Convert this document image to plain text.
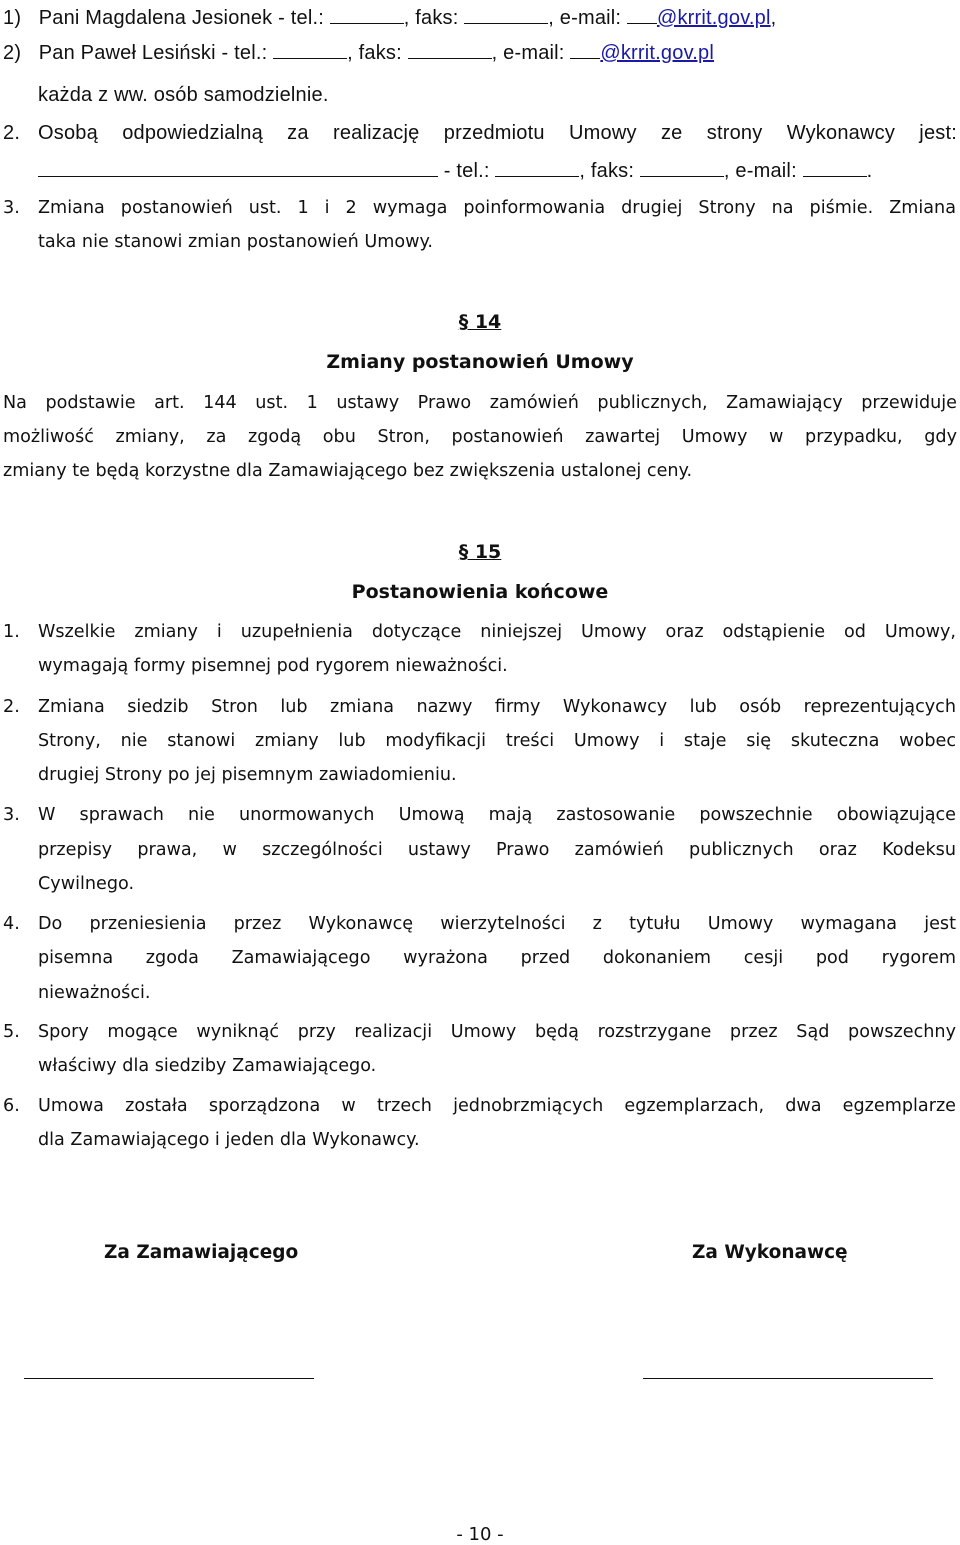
1) Pani Magdalena Jesionek - tel.:	, faks:	, e-mail: @krrit.gov.pl,
2) Pan Paweł Lesiński - tel.:	, faks:	, e-mail: @krrit.gov.pl
każda z ww. osób samodzielnie.
2. Osobą odpowiedzialną za realizację przedmiotu Umowy ze strony Wykonawcy jest:
- tel.:	, faks:	, e-mail:	.
3. Zmiana postanowień ust. 1 i 2 wymaga poinformowania drugiej Strony na piśmie. Zmiana
taka nie stanowi zmian postanowień Umowy.
§ 14
Zmiany postanowień Umowy
Na podstawie art. 144 ust. 1 ustawy Prawo zamówień publicznych, Zamawiający przewiduje
możliwość zmiany, za zgodą obu Stron, postanowień zawartej Umowy w przypadku, gdy
zmiany te będą korzystne dla Zamawiającego bez zwiększenia ustalonej ceny.
§ 15
Postanowienia końcowe
1. Wszelkie zmiany i uzupełnienia dotyczące niniejszej Umowy oraz odstąpienie od Umowy,
wymagają formy pisemnej pod rygorem nieważności.
2. Zmiana siedzib Stron lub zmiana nazwy firmy Wykonawcy lub osób reprezentujących
Strony, nie stanowi zmiany lub modyfikacji treści Umowy i staje się skuteczna wobec
drugiej Strony po jej pisemnym zawiadomieniu.
3. W sprawach nie unormowanych Umową mają zastosowanie powszechnie obowiązujące
przepisy prawa, w szczególności ustawy Prawo zamówień publicznych oraz Kodeksu
Cywilnego.
4. Do przeniesienia przez Wykonawcę wierzytelności z tytułu Umowy wymagana jest
pisemna zgoda Zamawiającego wyrażona przed dokonaniem cesji pod rygorem
nieważności.
5. Spory mogące wyniknąć przy realizacji Umowy będą rozstrzygane przez Sąd powszechny
właściwy dla siedziby Zamawiającego.
6. Umowa została sporządzona w trzech jednobrzmiących egzemplarzach, dwa egzemplarze
dla Zamawiającego i jeden dla Wykonawcy.
Za Zamawiającego	Za Wykonawcę
- 10 -
